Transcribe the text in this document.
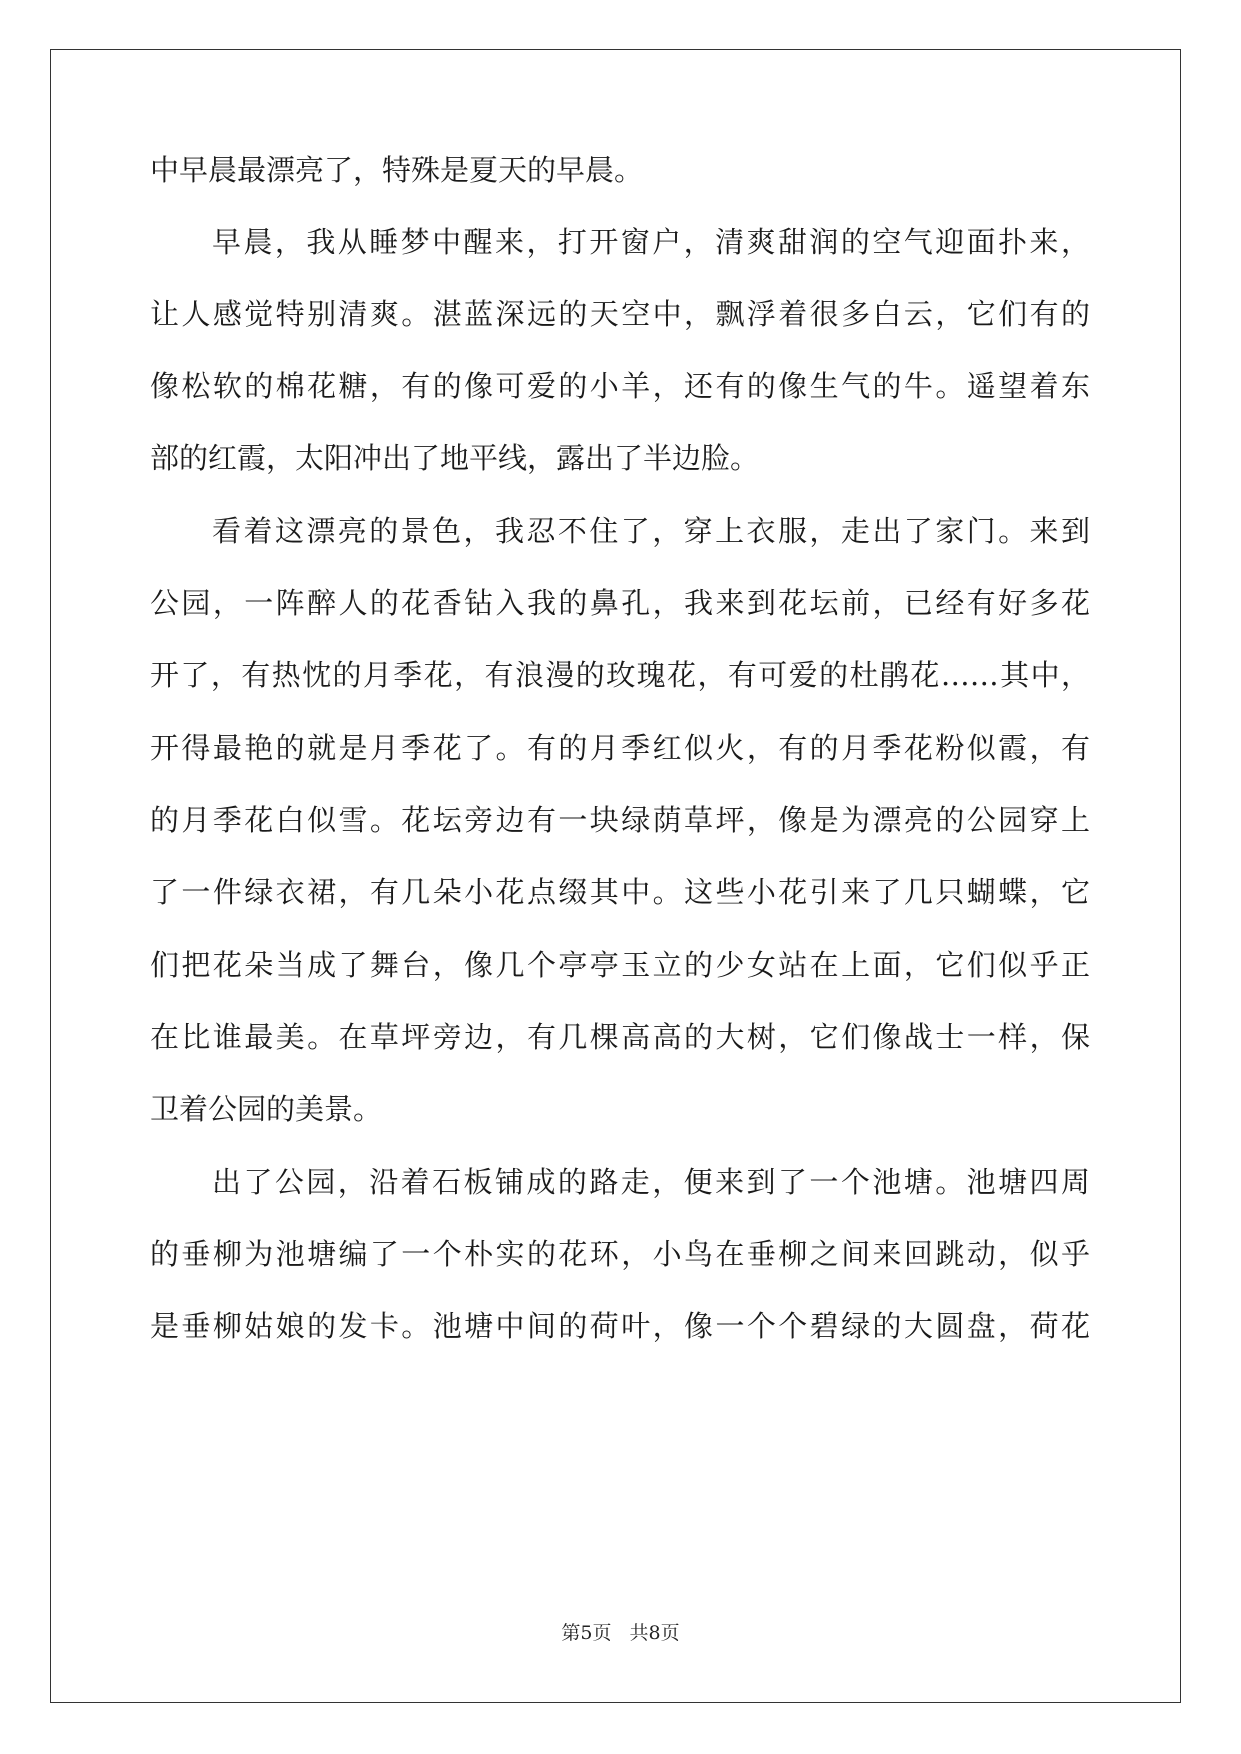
中早晨最漂亮了，特殊是夏天的早晨。
早晨，我从睡梦中醒来，打开窗户，清爽甜润的空气迎面扑来，
让人感觉特别清爽。湛蓝深远的天空中，飘浮着很多白云，它们有的
像松软的棉花糖，有的像可爱的小羊，还有的像生气的牛。遥望着东
部的红霞，太阳冲出了地平线，露出了半边脸。
看着这漂亮的景色，我忍不住了，穿上衣服，走出了家门。来到
公园，一阵醉人的花香钻入我的鼻孔，我来到花坛前，已经有好多花
开了，有热忱的月季花，有浪漫的玫瑰花，有可爱的杜鹃花……其中，
开得最艳的就是月季花了。有的月季红似火，有的月季花粉似霞，有
的月季花白似雪。花坛旁边有一块绿荫草坪，像是为漂亮的公园穿上
了一件绿衣裙，有几朵小花点缀其中。这些小花引来了几只蝴蝶，它
们把花朵当成了舞台，像几个亭亭玉立的少女站在上面，它们似乎正
在比谁最美。在草坪旁边，有几棵高高的大树，它们像战士一样，保
卫着公园的美景。
出了公园，沿着石板铺成的路走，便来到了一个池塘。池塘四周
的垂柳为池塘编了一个朴实的花环，小鸟在垂柳之间来回跳动，似乎
是垂柳姑娘的发卡。池塘中间的荷叶，像一个个碧绿的大圆盘，荷花
第5页 共8页
